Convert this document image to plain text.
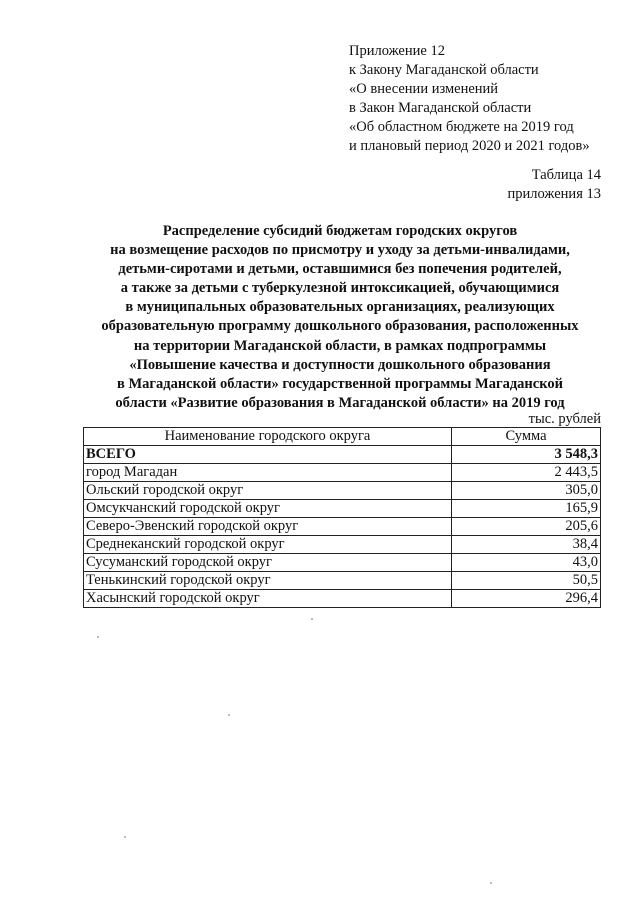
Приложение 12
к Закону Магаданской области
«О внесении изменений
в Закон Магаданской области
«Об областном бюджете на 2019 год
и плановый период 2020 и 2021 годов»
Таблица 14
приложения 13
Распределение субсидий бюджетам городских округов
на возмещение расходов по присмотру и уходу за детьми-инвалидами,
детьми-сиротами и детьми, оставшимися без попечения родителей,
а также за детьми с туберкулезной интоксикацией, обучающимися
в муниципальных образовательных организациях, реализующих
образовательную программу дошкольного образования, расположенных
на территории Магаданской области, в рамках подпрограммы
«Повышение качества и доступности дошкольного образования
в Магаданской области» государственной программы Магаданской
области «Развитие образования в Магаданской области» на 2019 год
тыс. рублей
Наименование городского округа	Сумма
ВСЕГО	3 548,3
город Магадан	2 443,5
Ольский городской округ	305,0
Омсукчанский городской округ	165,9
Северо-Эвенский городской округ	205,6
Среднеканский городской округ	38,4
Сусуманский городской округ	43,0
Тенькинский городской округ	50,5
Хасынский городской округ	296,4
